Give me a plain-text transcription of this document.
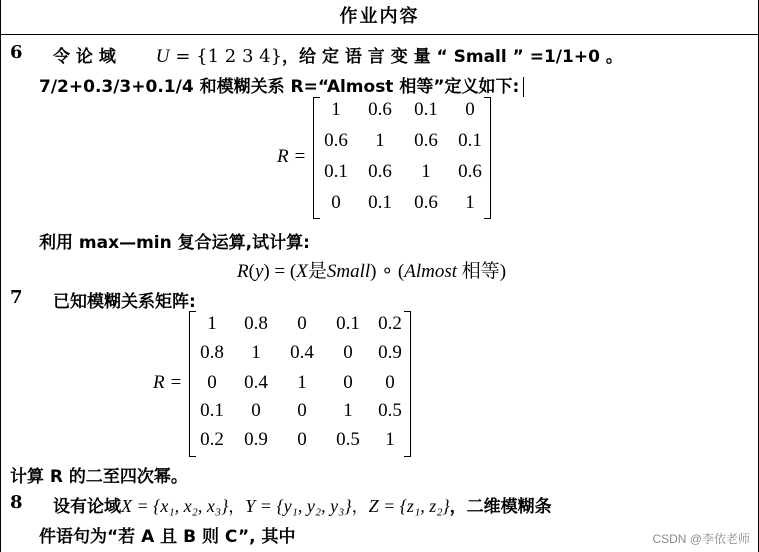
作业内容
6 令 论 域 U = {1 2 3 4}，给 定 语 言 变 量 “ Small ” =1/1+0 。
7/2+0.3/3+0.1/4 和模糊关系 R=“Almost 相等”定义如下:
R =
1	0.6	0.1	0
0.6	1	0.6	0.1
0.1	0.6	1	0.6
0	0.1	0.6	1
利用 max—min 复合运算,试计算:
R(y) = (X是Small) ∘ (Almost 相等)
7 已知模糊关系矩阵:
R =
1	0.8	0	0.1 0.2
0.8	1	0.4	0	0.9
0	0.4	1	0	0
0.1	0	0	1	0.5
0.2	0.9	0	0.5	1
计算 R 的二至四次幂。
8 设有论域X = {x₁, x₂, x₃}，Y = {y₁, y₂, y₃}，Z = {z₁, z₂}，二维模糊条
件语句为“若 A 且 B 则 C”, 其中	CSDN @李依老师
